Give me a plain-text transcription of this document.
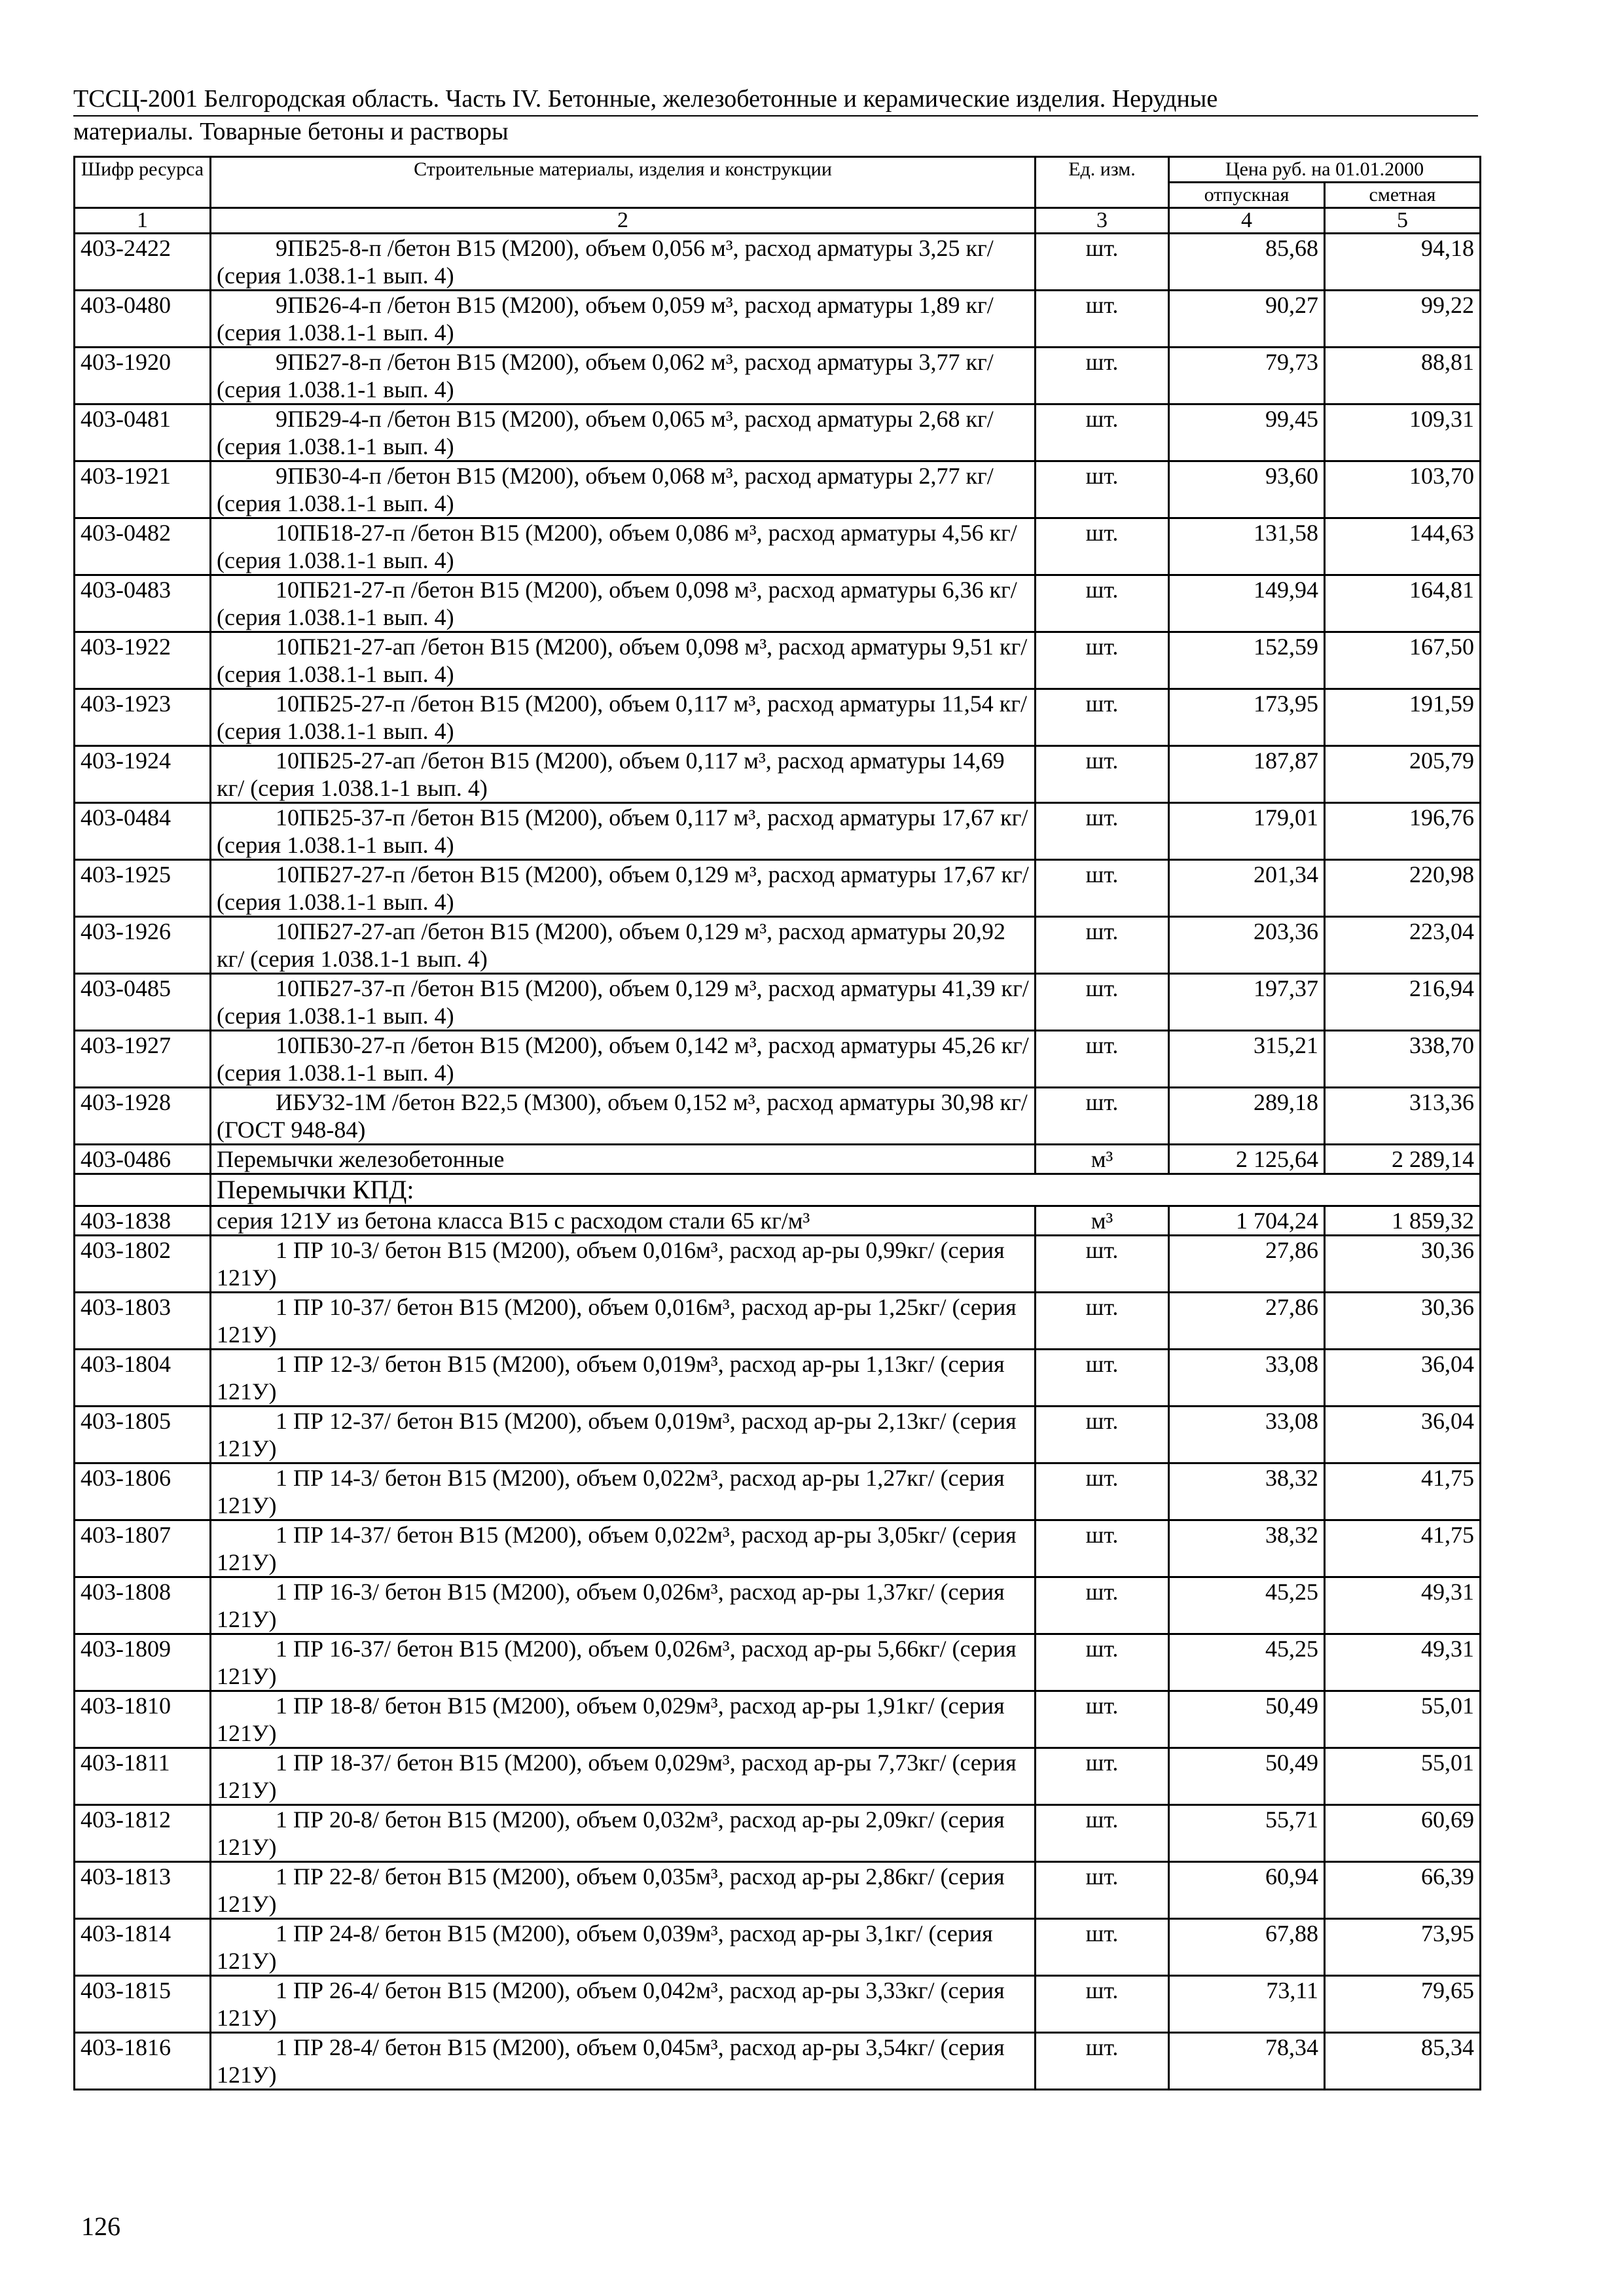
ТССЦ-2001 Белгородская область. Часть IV. Бетонные, железобетонные и керамические изделия. Нерудные
материалы. Товарные бетоны и растворы
Шифр ресурса	Строительные материалы, изделия и конструкции	Ед. изм.	Цена руб. на 01.01.2000	
			отпускная	сметная
1	2	3	4	5
403-2422	9ПБ25-8-п /бетон В15 (М200), объем 0,056 м³, расход арматуры 3,25 кг/ (серия 1.038.1-1 вып. 4)	шт.	85,68	94,18
403-0480	9ПБ26-4-п /бетон В15 (М200), объем 0,059 м³, расход арматуры 1,89 кг/ (серия 1.038.1-1 вып. 4)	шт.	90,27	99,22
403-1920	9ПБ27-8-п /бетон В15 (М200), объем 0,062 м³, расход арматуры 3,77 кг/ (серия 1.038.1-1 вып. 4)	шт.	79,73	88,81
403-0481	9ПБ29-4-п /бетон В15 (М200), объем 0,065 м³, расход арматуры 2,68 кг/ (серия 1.038.1-1 вып. 4)	шт.	99,45	109,31
403-1921	9ПБ30-4-п /бетон В15 (М200), объем 0,068 м³, расход арматуры 2,77 кг/ (серия 1.038.1-1 вып. 4)	шт.	93,60	103,70
403-0482	10ПБ18-27-п /бетон В15 (М200), объем 0,086 м³, расход арматуры 4,56 кг/ (серия 1.038.1-1 вып. 4)	шт.	131,58	144,63
403-0483	10ПБ21-27-п /бетон В15 (М200), объем 0,098 м³, расход арматуры 6,36 кг/ (серия 1.038.1-1 вып. 4)	шт.	149,94	164,81
403-1922	10ПБ21-27-ап /бетон В15 (М200), объем 0,098 м³, расход арматуры 9,51 кг/ (серия 1.038.1-1 вып. 4)	шт.	152,59	167,50
403-1923	10ПБ25-27-п /бетон В15 (М200), объем 0,117 м³, расход арматуры 11,54 кг/ (серия 1.038.1-1 вып. 4)	шт.	173,95	191,59
403-1924	10ПБ25-27-ап /бетон В15 (М200), объем 0,117 м³, расход арматуры 14,69 кг/ (серия 1.038.1-1 вып. 4)	шт.	187,87	205,79
403-0484	10ПБ25-37-п /бетон В15 (М200), объем 0,117 м³, расход арматуры 17,67 кг/ (серия 1.038.1-1 вып. 4)	шт.	179,01	196,76
403-1925	10ПБ27-27-п /бетон В15 (М200), объем 0,129 м³, расход арматуры 17,67 кг/ (серия 1.038.1-1 вып. 4)	шт.	201,34	220,98
403-1926	10ПБ27-27-ап /бетон В15 (М200), объем 0,129 м³, расход арматуры 20,92 кг/ (серия 1.038.1-1 вып. 4)	шт.	203,36	223,04
403-0485	10ПБ27-37-п /бетон В15 (М200), объем 0,129 м³, расход арматуры 41,39 кг/ (серия 1.038.1-1 вып. 4)	шт.	197,37	216,94
403-1927	10ПБ30-27-п /бетон В15 (М200), объем 0,142 м³, расход арматуры 45,26 кг/ (серия 1.038.1-1 вып. 4)	шт.	315,21	338,70
403-1928	ИБУ32-1М /бетон В22,5 (М300), объем 0,152 м³, расход арматуры 30,98 кг/ (ГОСТ 948-84)	шт.	289,18	313,36
403-0486	Перемычки железобетонные	м³	2 125,64	2 289,14
	Перемычки КПД:			
403-1838	серия 121У из бетона класса В15 с расходом стали 65 кг/м³	м³	1 704,24	1 859,32
403-1802	1 ПР 10-3/ бетон В15 (М200), объем 0,016м³, расход ар-ры 0,99кг/ (серия 121У)	шт.	27,86	30,36
403-1803	1 ПР 10-37/ бетон В15 (М200), объем 0,016м³, расход ар-ры 1,25кг/ (серия 121У)	шт.	27,86	30,36
403-1804	1 ПР 12-3/ бетон В15 (М200), объем 0,019м³, расход ар-ры 1,13кг/ (серия 121У)	шт.	33,08	36,04
403-1805	1 ПР 12-37/ бетон В15 (М200), объем 0,019м³, расход ар-ры 2,13кг/ (серия 121У)	шт.	33,08	36,04
403-1806	1 ПР 14-3/ бетон В15 (М200), объем 0,022м³, расход ар-ры 1,27кг/ (серия 121У)	шт.	38,32	41,75
403-1807	1 ПР 14-37/ бетон В15 (М200), объем 0,022м³, расход ар-ры 3,05кг/ (серия 121У)	шт.	38,32	41,75
403-1808	1 ПР 16-3/ бетон В15 (М200), объем 0,026м³, расход ар-ры 1,37кг/ (серия 121У)	шт.	45,25	49,31
403-1809	1 ПР 16-37/ бетон В15 (М200), объем 0,026м³, расход ар-ры 5,66кг/ (серия 121У)	шт.	45,25	49,31
403-1810	1 ПР 18-8/ бетон В15 (М200), объем 0,029м³, расход ар-ры 1,91кг/ (серия 121У)	шт.	50,49	55,01
403-1811	1 ПР 18-37/ бетон В15 (М200), объем 0,029м³, расход ар-ры 7,73кг/ (серия 121У)	шт.	50,49	55,01
403-1812	1 ПР 20-8/ бетон В15 (М200), объем 0,032м³, расход ар-ры 2,09кг/ (серия 121У)	шт.	55,71	60,69
403-1813	1 ПР 22-8/ бетон В15 (М200), объем 0,035м³, расход ар-ры 2,86кг/ (серия 121У)	шт.	60,94	66,39
403-1814	1 ПР 24-8/ бетон В15 (М200), объем 0,039м³, расход ар-ры 3,1кг/ (серия 121У)	шт.	67,88	73,95
403-1815	1 ПР 26-4/ бетон В15 (М200), объем 0,042м³, расход ар-ры 3,33кг/ (серия 121У)	шт.	73,11	79,65
403-1816	1 ПР 28-4/ бетон В15 (М200), объем 0,045м³, расход ар-ры 3,54кг/ (серия 121У)	шт.	78,34	85,34
126
